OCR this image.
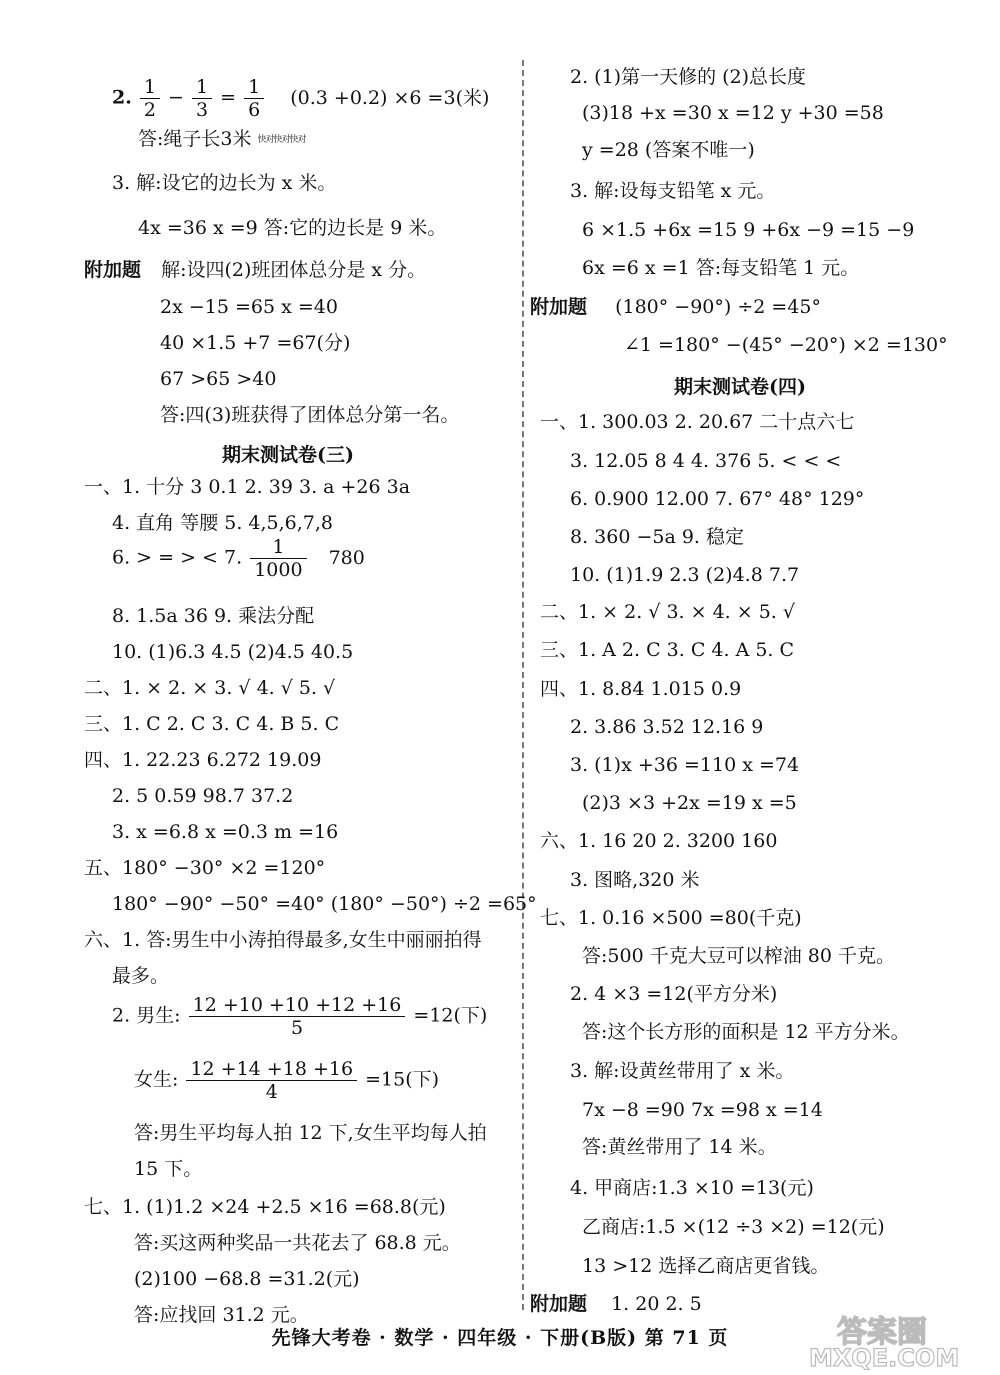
2. $\frac{1}{2} - \frac{1}{3} = \frac{1}{6} (0.3 +0.2) \times 6 =3$(米)
答:绳子长3米 快对快对快对
3. 解:设它的边长为 x 米。
4x =36 x =9 答:它的边长是 9 米。
附加题 解:设四(2)班团体总分是 x 分。
2x −15 =65 x =40
40 ×1.5 +7 =67(分)
67 >65 >40
答:四(3)班获得了团体总分第一名。
期末测试卷(三)
一、1. 十分 3 0.1 2. 39 3. a +26 3a
4. 直角 等腰 5. 4,5,6,7,8
6. > = > < 7. $\frac{1}{1000} 780$
8. 1.5a 36 9. 乘法分配
10. (1)6.3 4.5 (2)4.5 40.5
二、1. × 2. × 3. √ 4. √ 5. √
三、1. C 2. C 3. C 4. B 5. C
四、1. 22.23 6.272 19.09
2. 5 0.59 98.7 37.2
3. x =6.8 x =0.3 m =16
五、180° −30° ×2 =120°
180° −90° −50° =40° (180° −50°) ÷2 =65°
六、1. 答:男生中小涛拍得最多,女生中丽丽拍得
最多。
2. 男生: $\frac{12 +10 +10 +12 +16}{5} =12$(下)
女生: $\frac{12 +14 +18 +16}{4} =15$(下)
答:男生平均每人拍 12 下,女生平均每人拍
15 下。
七、1. (1)1.2 ×24 +2.5 ×16 =68.8(元)
答:买这两种奖品一共花去了 68.8 元。
(2)100 −68.8 =31.2(元)
答:应找回 31.2 元。
2. (1)第一天修的 (2)总长度
(3)18 +x =30 x =12 y +30 =58
y =28 (答案不唯一)
3. 解:设每支铅笔 x 元。
6 ×1.5 +6x =15 9 +6x −9 =15 −9
6x =6 x =1 答:每支铅笔 1 元。
附加题 (180° −90°) ÷2 =45°
∠1 =180° −(45° −20°) ×2 =130°
期末测试卷(四)
一、1. 300.03 2. 20.67 二十点六七
3. 12.05 8 4 4. 376 5. < < <
6. 0.900 12.00 7. 67° 48° 129°
8. 360 −5a 9. 稳定
10. (1)1.9 2.3 (2)4.8 7.7
二、1. × 2. √ 3. × 4. × 5. √
三、1. A 2. C 3. C 4. A 5. C
四、1. 8.84 1.015 0.9
2. 3.86 3.52 12.16 9
3. (1)x +36 =110 x =74
(2)3 ×3 +2x =19 x =5
六、1. 16 20 2. 3200 160
3. 图略,320 米
七、1. 0.16 ×500 =80(千克)
答:500 千克大豆可以榨油 80 千克。
2. 4 ×3 =12(平方分米)
答:这个长方形的面积是 12 平方分米。
3. 解:设黄丝带用了 x 米。
7x −8 =90 7x =98 x =14
答:黄丝带用了 14 米。
4. 甲商店:1.3 ×10 =13(元)
乙商店:1.5 ×(12 ÷3 ×2) =12(元)
13 >12 选择乙商店更省钱。
附加题 1. 20 2. 5
先锋大考卷 · 数学 · 四年级 · 下册(B版) 第 71 页	答案圈
MXQE.COM
